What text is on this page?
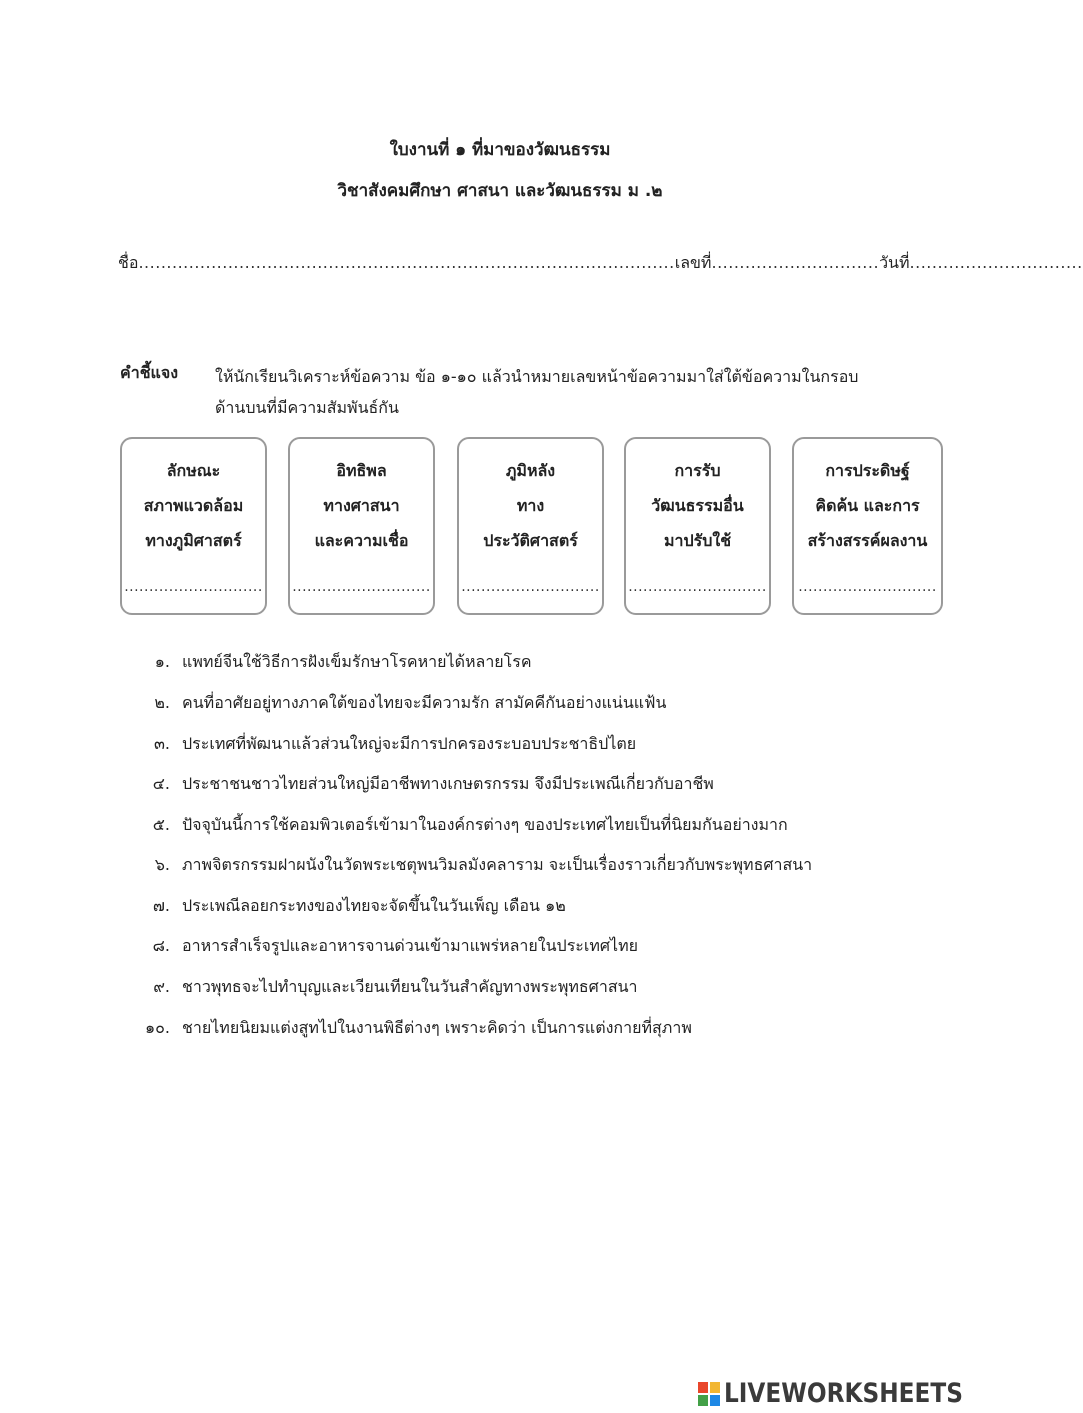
ใบงานที่ ๑ ที่มาของวัฒนธรรม
วิชาสังคมศึกษา ศาสนา และวัฒนธรรม ม .๒
ชื่อ................................................................................................เลขที่..............................วันที่...............................
คำชี้แจง ให้นักเรียนวิเคราะห์ข้อความ ข้อ ๑-๑๐ แล้วนำหมายเลขหน้าข้อความมาใส่ใต้ข้อความในกรอบ
ด้านบนที่มีความสัมพันธ์กัน
ลักษณะ
สภาพแวดล้อม
ทางภูมิศาสตร์
............................
อิทธิพล
ทางศาสนา
และความเชื่อ
............................
ภูมิหลัง
ทาง
ประวัติศาสตร์
............................
การรับ
วัฒนธรรมอื่น
มาปรับใช้
............................
การประดิษฐ์
คิดค้น และการ
สร้างสรรค์ผลงาน
............................
๑. แพทย์จีนใช้วิธีการฝังเข็มรักษาโรคหายได้หลายโรค
๒. คนที่อาศัยอยู่ทางภาคใต้ของไทยจะมีความรัก สามัคคีกันอย่างแน่นแฟ้น
๓. ประเทศที่พัฒนาแล้วส่วนใหญ่จะมีการปกครองระบอบประชาธิปไตย
๔. ประชาชนชาวไทยส่วนใหญ่มีอาชีพทางเกษตรกรรม จึงมีประเพณีเกี่ยวกับอาชีพ
๕. ปัจจุบันนี้การใช้คอมพิวเตอร์เข้ามาในองค์กรต่างๆ ของประเทศไทยเป็นที่นิยมกันอย่างมาก
๖. ภาพจิตรกรรมฝาผนังในวัดพระเชตุพนวิมลมังคลาราม จะเป็นเรื่องราวเกี่ยวกับพระพุทธศาสนา
๗. ประเพณีลอยกระทงของไทยจะจัดขึ้นในวันเพ็ญ เดือน ๑๒
๘. อาหารสำเร็จรูปและอาหารจานด่วนเข้ามาแพร่หลายในประเทศไทย
๙. ชาวพุทธจะไปทำบุญและเวียนเทียนในวันสำคัญทางพระพุทธศาสนา
๑๐. ชายไทยนิยมแต่งสูทไปในงานพิธีต่างๆ เพราะคิดว่า เป็นการแต่งกายที่สุภาพ
LIVEWORKSHEETS
